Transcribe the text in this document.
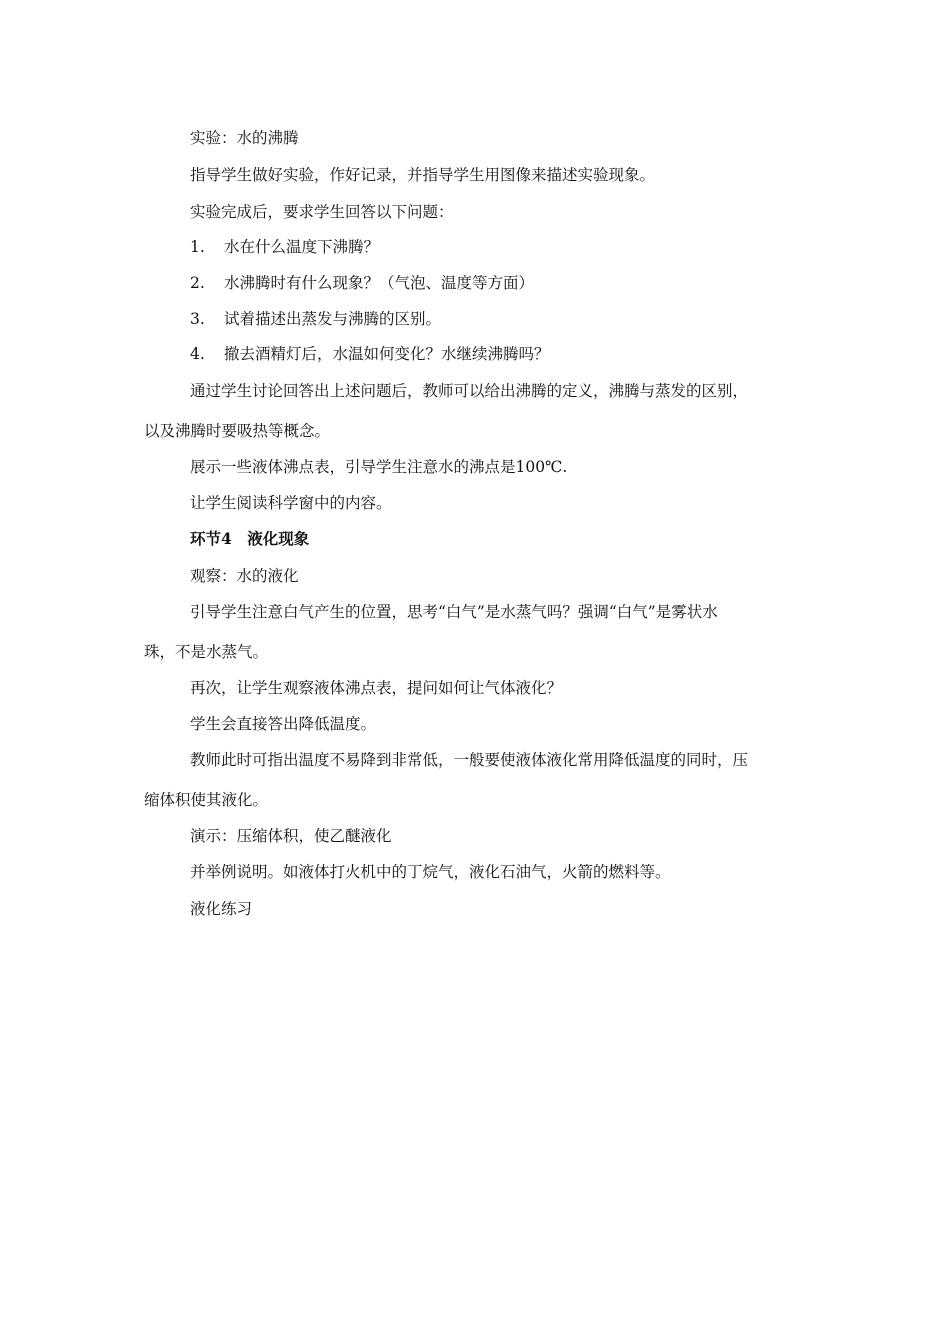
实验：水的沸腾
指导学生做好实验，作好记录，并指导学生用图像来描述实验现象。
实验完成后，要求学生回答以下问题：
1. 水在什么温度下沸腾？
2. 水沸腾时有什么现象？（气泡、温度等方面）
3. 试着描述出蒸发与沸腾的区别。
4. 撤去酒精灯后，水温如何变化？水继续沸腾吗？
通过学生讨论回答出上述问题后，教师可以给出沸腾的定义，沸腾与蒸发的区别，
以及沸腾时要吸热等概念。
展示一些液体沸点表，引导学生注意水的沸点是100℃.
让学生阅读科学窗中的内容。
环节4　液化现象
观察：水的液化
引导学生注意白气产生的位置，思考“白气”是水蒸气吗？强调“白气”是雾状水
珠，不是水蒸气。
再次，让学生观察液体沸点表，提问如何让气体液化？
学生会直接答出降低温度。
教师此时可指出温度不易降到非常低，一般要使液体液化常用降低温度的同时，压
缩体积使其液化。
演示：压缩体积，使乙醚液化
并举例说明。如液体打火机中的丁烷气，液化石油气，火箭的燃料等。
液化练习
